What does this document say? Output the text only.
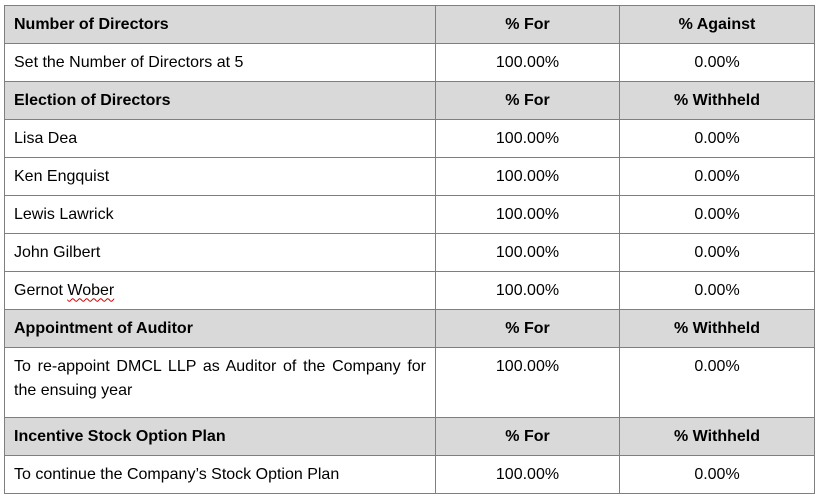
Number of Directors	% For	% Against
Set the Number of Directors at 5	100.00%	0.00%
Election of Directors	% For	% Withheld
Lisa Dea	100.00%	0.00%
Ken Engquist	100.00%	0.00%
Lewis Lawrick	100.00%	0.00%
John Gilbert	100.00%	0.00%
Gernot Wober	100.00%	0.00%
Appointment of Auditor	% For	% Withheld
To re-appoint DMCL LLP as Auditor of the Company for the ensuing year	100.00%	0.00%
Incentive Stock Option Plan	% For	% Withheld
To continue the Company’s Stock Option Plan	100.00%	0.00%
